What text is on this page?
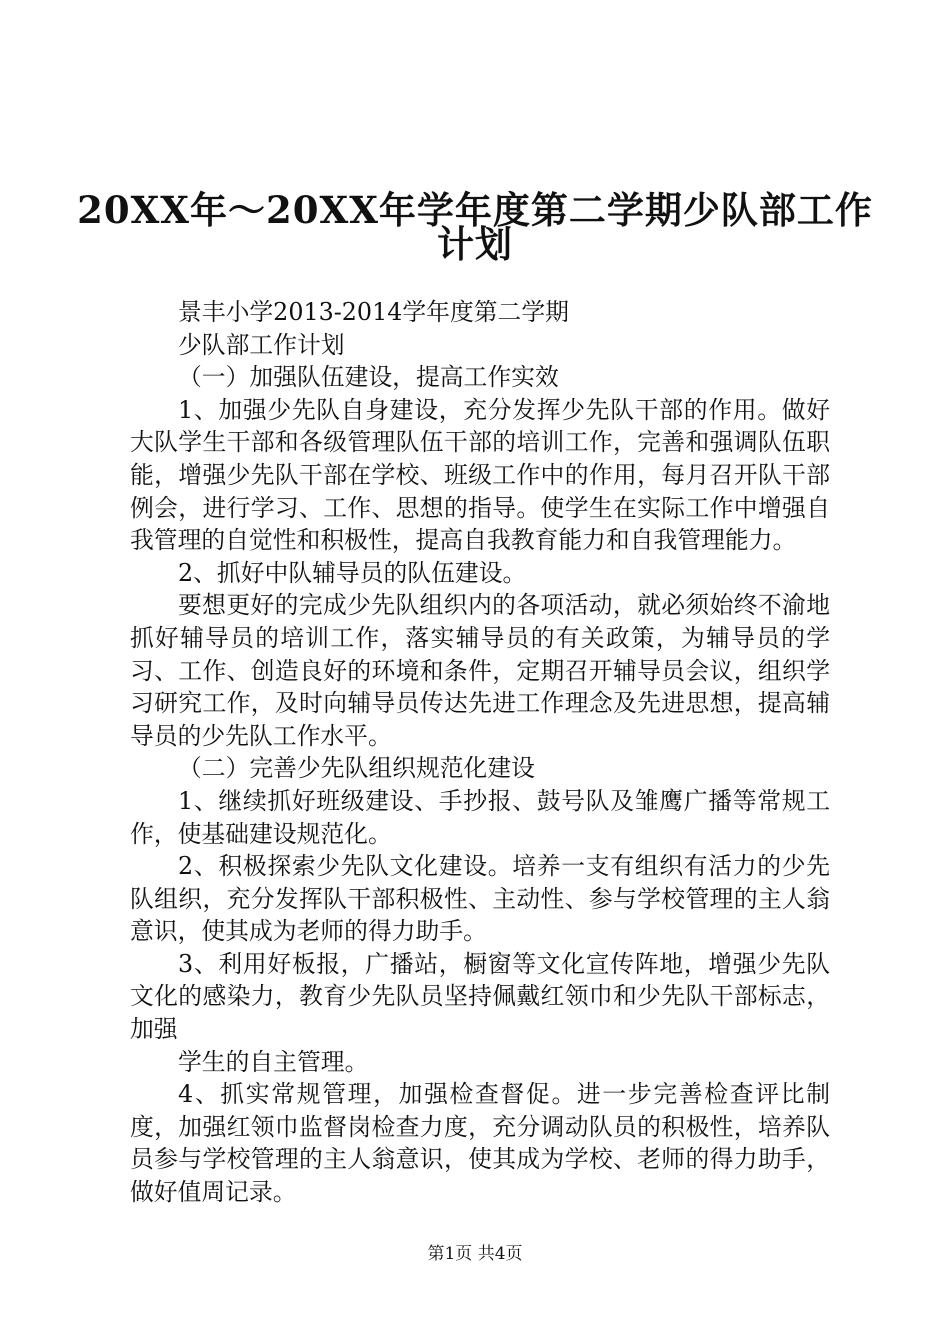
20XX年～20XX年学年度第二学期少队部工作
计划

景丰小学2013-2014学年度第二学期

少队部工作计划

（一）加强队伍建设，提高工作实效

1、加强少先队自身建设，充分发挥少先队干部的作用。做好大队学生干部和各级管理队伍干部的培训工作，完善和强调队伍职能，增强少先队干部在学校、班级工作中的作用，每月召开队干部例会，进行学习、工作、思想的指导。使学生在实际工作中增强自我管理的自觉性和积极性，提高自我教育能力和自我管理能力。

2、抓好中队辅导员的队伍建设。

要想更好的完成少先队组织内的各项活动，就必须始终不渝地抓好辅导员的培训工作，落实辅导员的有关政策，为辅导员的学习、工作、创造良好的环境和条件，定期召开辅导员会议，组织学习研究工作，及时向辅导员传达先进工作理念及先进思想，提高辅导员的少先队工作水平。

（二）完善少先队组织规范化建设

1、继续抓好班级建设、手抄报、鼓号队及雏鹰广播等常规工作，使基础建设规范化。

2、积极探索少先队文化建设。培养一支有组织有活力的少先队组织，充分发挥队干部积极性、主动性、参与学校管理的主人翁意识，使其成为老师的得力助手。

3、利用好板报，广播站，橱窗等文化宣传阵地，增强少先队文化的感染力，教育少先队员坚持佩戴红领巾和少先队干部标志，加强

学生的自主管理。

4、抓实常规管理，加强检查督促。进一步完善检查评比制度，加强红领巾监督岗检查力度，充分调动队员的积极性，培养队员参与学校管理的主人翁意识，使其成为学校、老师的得力助手，做好值周记录。

第1页 共4页
